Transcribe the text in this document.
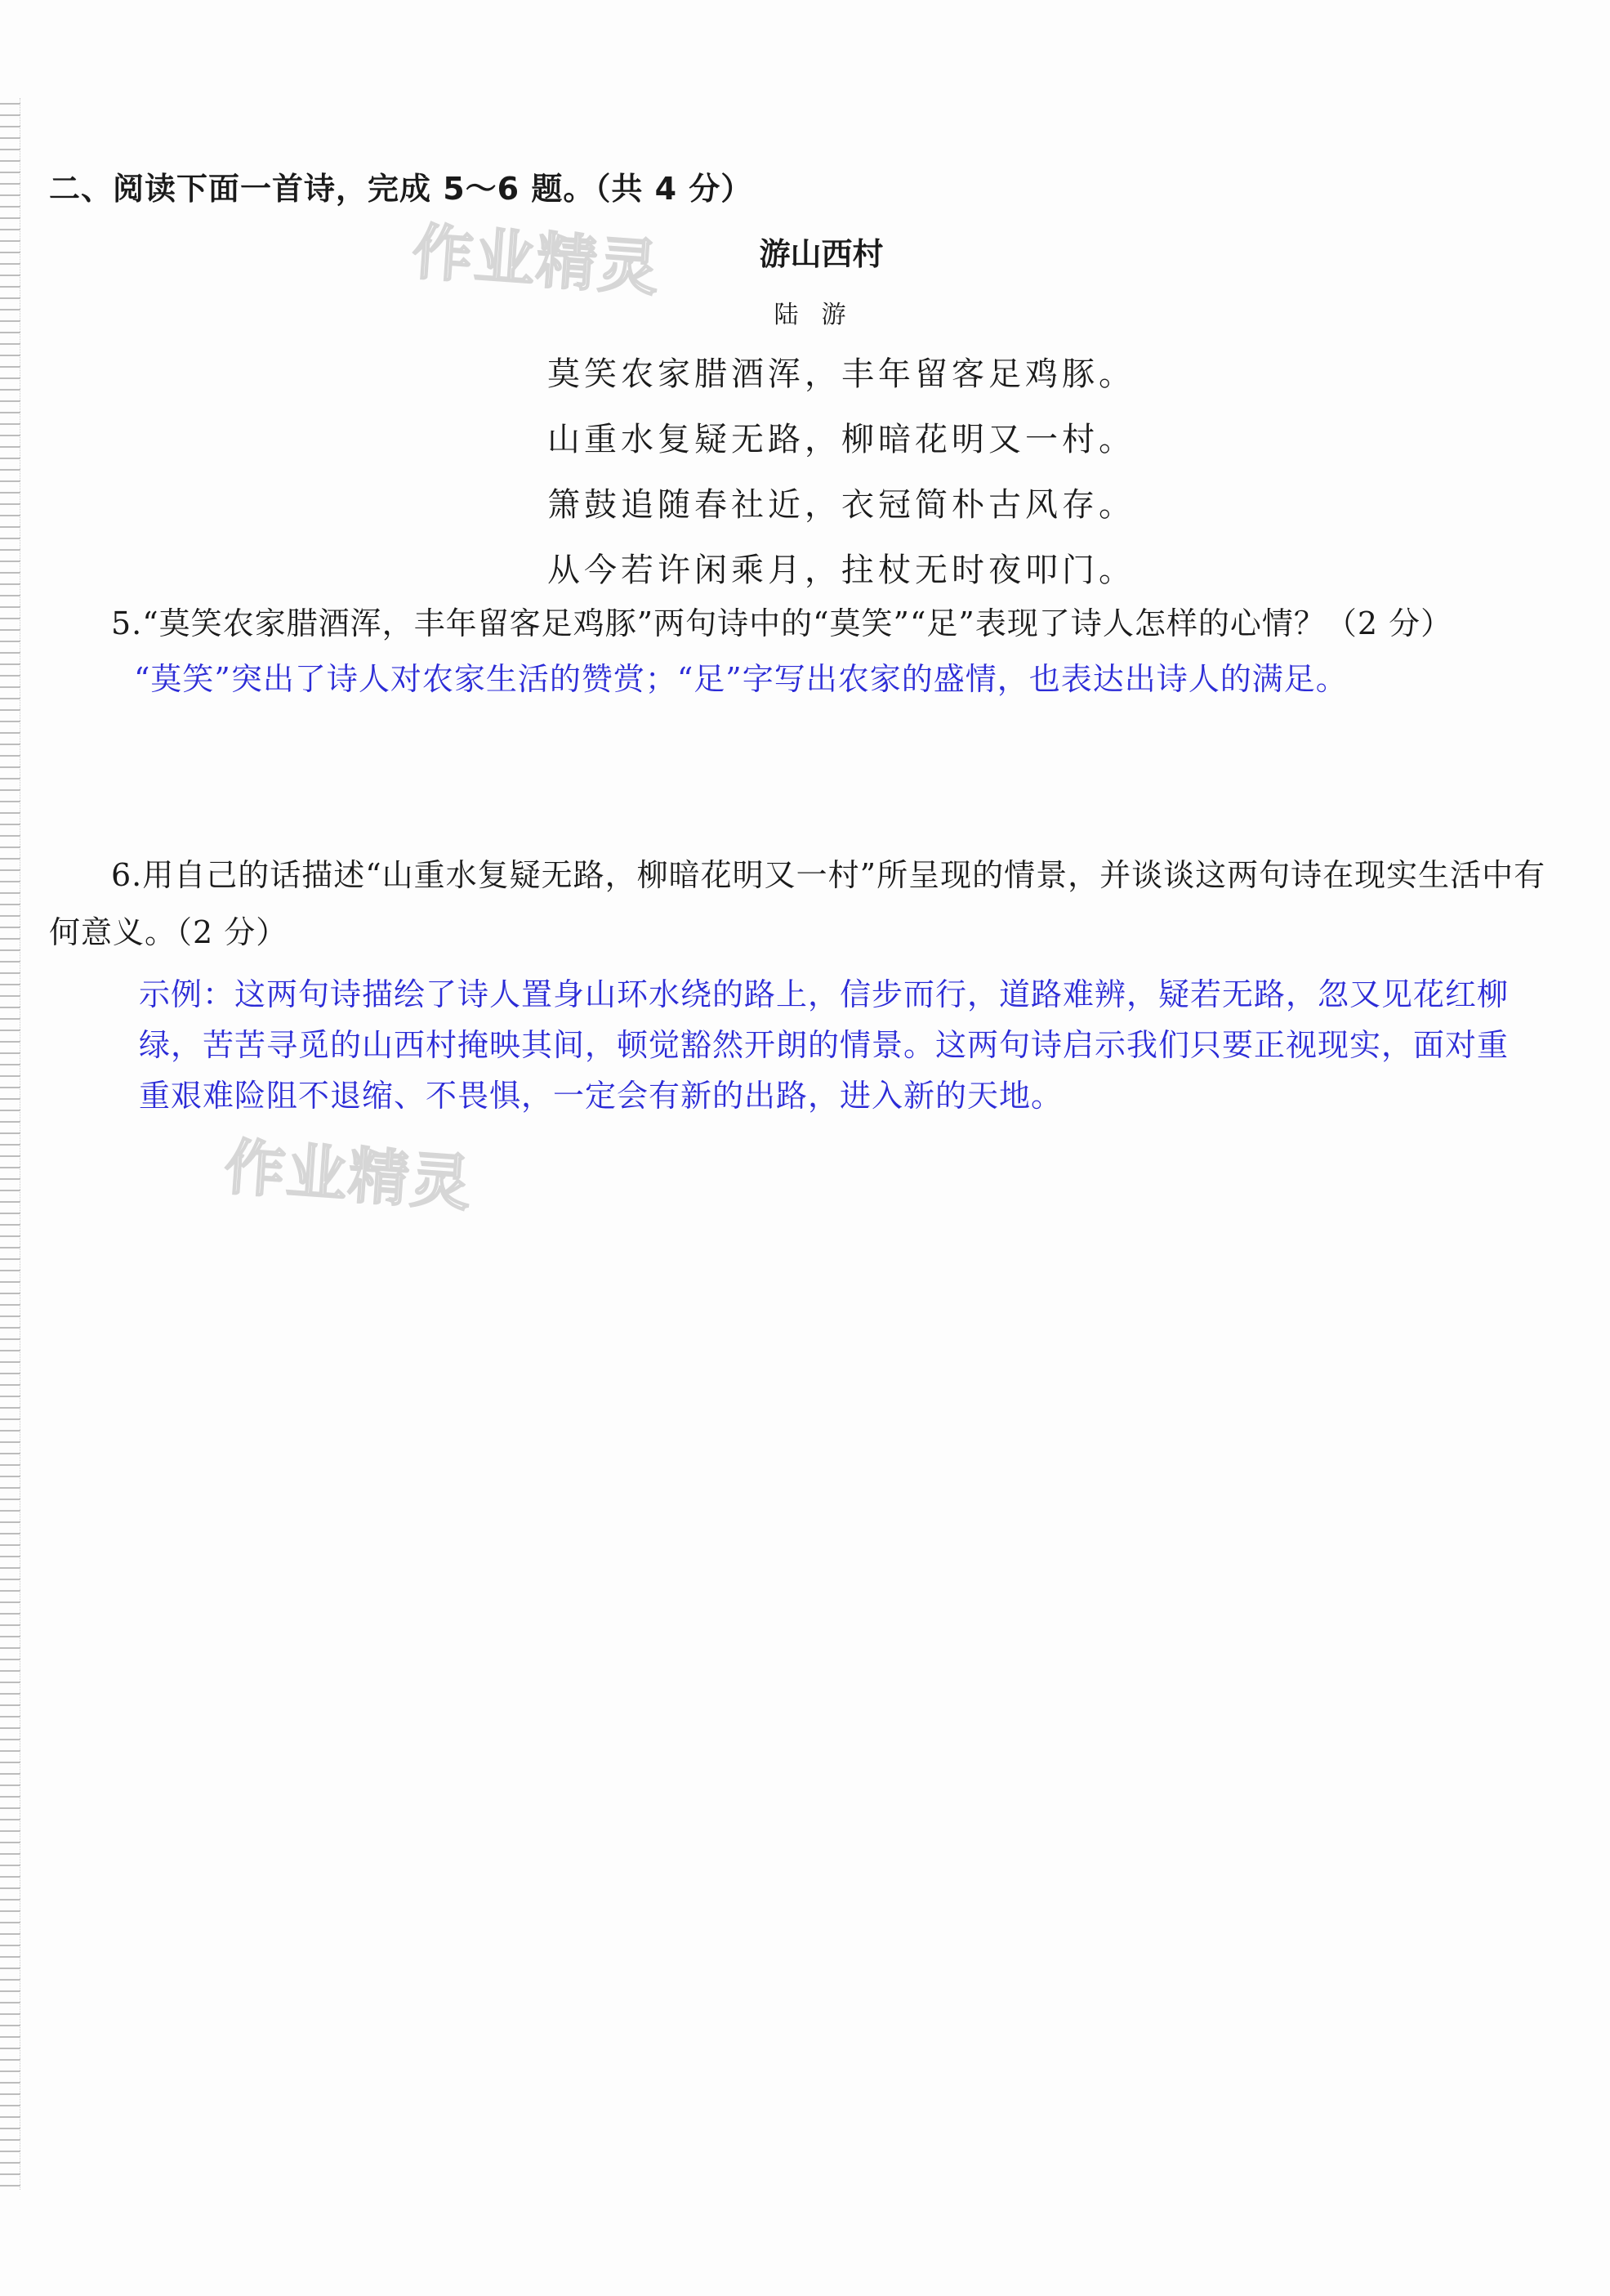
二、阅读下面一首诗，完成 5～6 题。（共 4 分）
作业精灵	游山西村
陆游
莫笑农家腊酒浑，丰年留客足鸡豚。
山重水复疑无路，柳暗花明又一村。
箫鼓追随春社近，衣冠简朴古风存。
从今若许闲乘月，拄杖无时夜叩门。
5.“莫笑农家腊酒浑，丰年留客足鸡豚”两句诗中的“莫笑”“足”表现了诗人怎样的心情？（2 分）
“莫笑”突出了诗人对农家生活的赞赏；“足”字写出农家的盛情，也表达出诗人的满足。
6.用自己的话描述“山重水复疑无路，柳暗花明又一村”所呈现的情景，并谈谈这两句诗在现实生活中有何意义。（2 分）
示例：这两句诗描绘了诗人置身山环水绕的路上，信步而行，道路难辨，疑若无路，忽又见花红柳绿，苦苦寻觅的山西村掩映其间，顿觉豁然开朗的情景。这两句诗启示我们只要正视现实，面对重重艰难险阻不退缩、不畏惧，一定会有新的出路，进入新的天地。
作业精灵
